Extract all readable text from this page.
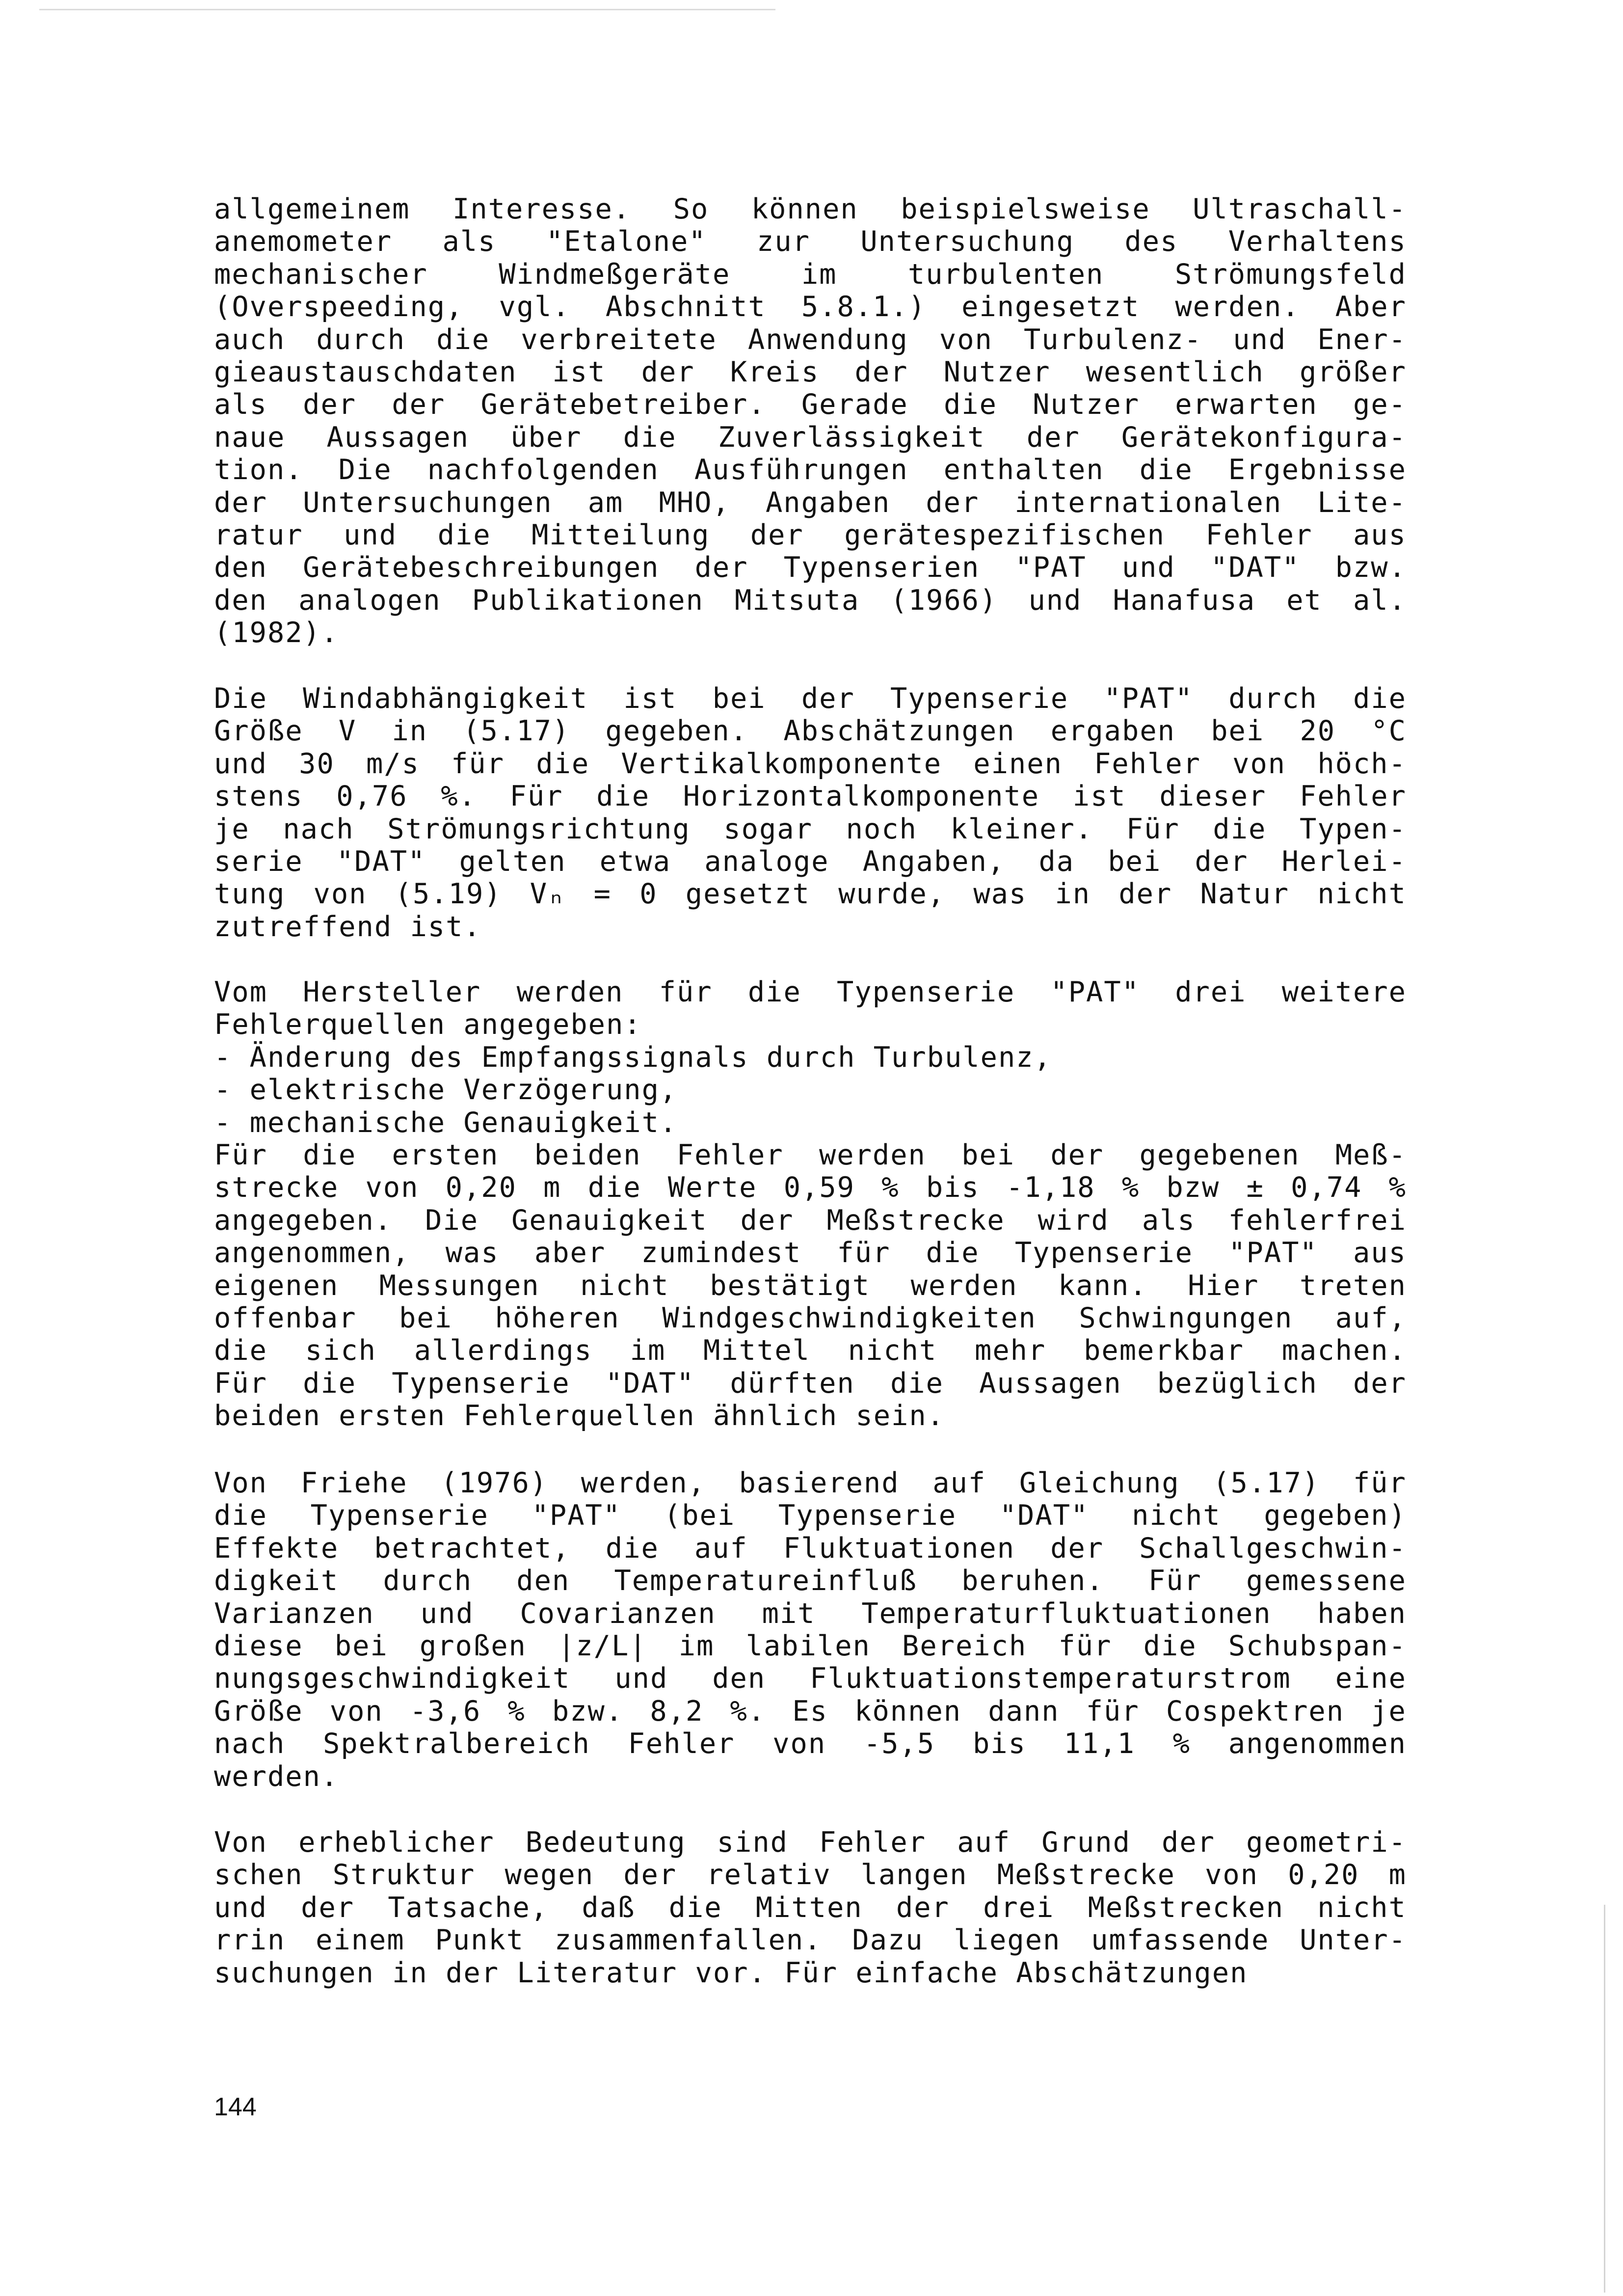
allgemeinem Interesse. So können beispielsweise Ultraschall-
anemometer als "Etalone" zur Untersuchung des Verhaltens
mechanischer	Windmeßgeräte	im	turbulenten	Strömungsfeld
(Overspeeding, vgl. Abschnitt 5.8.1.) eingesetzt werden. Aber
auch durch die verbreitete Anwendung von Turbulenz- und Ener-
gieaustauschdaten ist der Kreis der Nutzer wesentlich größer
als der der Gerätebetreiber. Gerade die Nutzer erwarten ge-
naue Aussagen über die Zuverlässigkeit der Gerätekonfigura-
tion. Die nachfolgenden Ausführungen enthalten die Ergebnisse
der Untersuchungen am MHO, Angaben der internationalen Lite-
ratur und die Mitteilung der gerätespezifischen Fehler aus
den Gerätebeschreibungen der Typenserien "PAT und "DAT" bzw.
den analogen Publikationen Mitsuta (1966) und Hanafusa et al.
(1982).
Die Windabhängigkeit ist bei der Typenserie "PAT" durch die
Größe V in (5.17) gegeben. Abschätzungen ergaben bei 20 °C
und 30 m/s für die Vertikalkomponente einen Fehler von höch-
stens 0,76 %. Für die Horizontalkomponente ist dieser Fehler
je nach Strömungsrichtung sogar noch kleiner. Für die Typen-
serie "DAT" gelten etwa analoge Angaben, da bei der Herlei-
tung von (5.19) Vₙ = 0 gesetzt wurde, was in der Natur nicht
zutreffend ist.
Vom Hersteller werden für die Typenserie "PAT" drei weitere
Fehlerquellen angegeben:
- Änderung des Empfangssignals durch Turbulenz,
- elektrische Verzögerung,
- mechanische Genauigkeit.
Für die ersten beiden Fehler werden bei der gegebenen Meß-
strecke von 0,20 m die Werte 0,59 % bis -1,18 % bzw ± 0,74 %
angegeben. Die Genauigkeit der Meßstrecke wird als fehlerfrei
angenommen, was aber zumindest für die Typenserie "PAT" aus
eigenen Messungen nicht bestätigt werden kann. Hier treten
offenbar bei höheren Windgeschwindigkeiten Schwingungen auf,
die sich allerdings im Mittel nicht mehr bemerkbar machen.
Für die Typenserie "DAT" dürften die Aussagen bezüglich der
beiden ersten Fehlerquellen ähnlich sein.
Von Friehe (1976) werden, basierend auf Gleichung (5.17) für
die Typenserie "PAT" (bei Typenserie "DAT" nicht gegeben)
Effekte betrachtet, die auf Fluktuationen der Schallgeschwin-
digkeit durch den Temperatureinfluß beruhen. Für gemessene
Varianzen und Covarianzen mit Temperaturfluktuationen haben
diese bei großen |z/L| im labilen Bereich für die Schubspan-
nungsgeschwindigkeit und den Fluktuationstemperaturstrom eine
Größe von -3,6 % bzw. 8,2 %. Es können dann für Cospektren je
nach Spektralbereich Fehler von -5,5 bis 11,1 % angenommen
werden.
Von erheblicher Bedeutung sind Fehler auf Grund der geometri-
schen Struktur wegen der relativ langen Meßstrecke von 0,20 m
und der Tatsache, daß die Mitten der drei Meßstrecken nicht
rrin einem Punkt zusammenfallen. Dazu liegen umfassende Unter-
suchungen in der Literatur vor. Für einfache Abschätzungen
144
